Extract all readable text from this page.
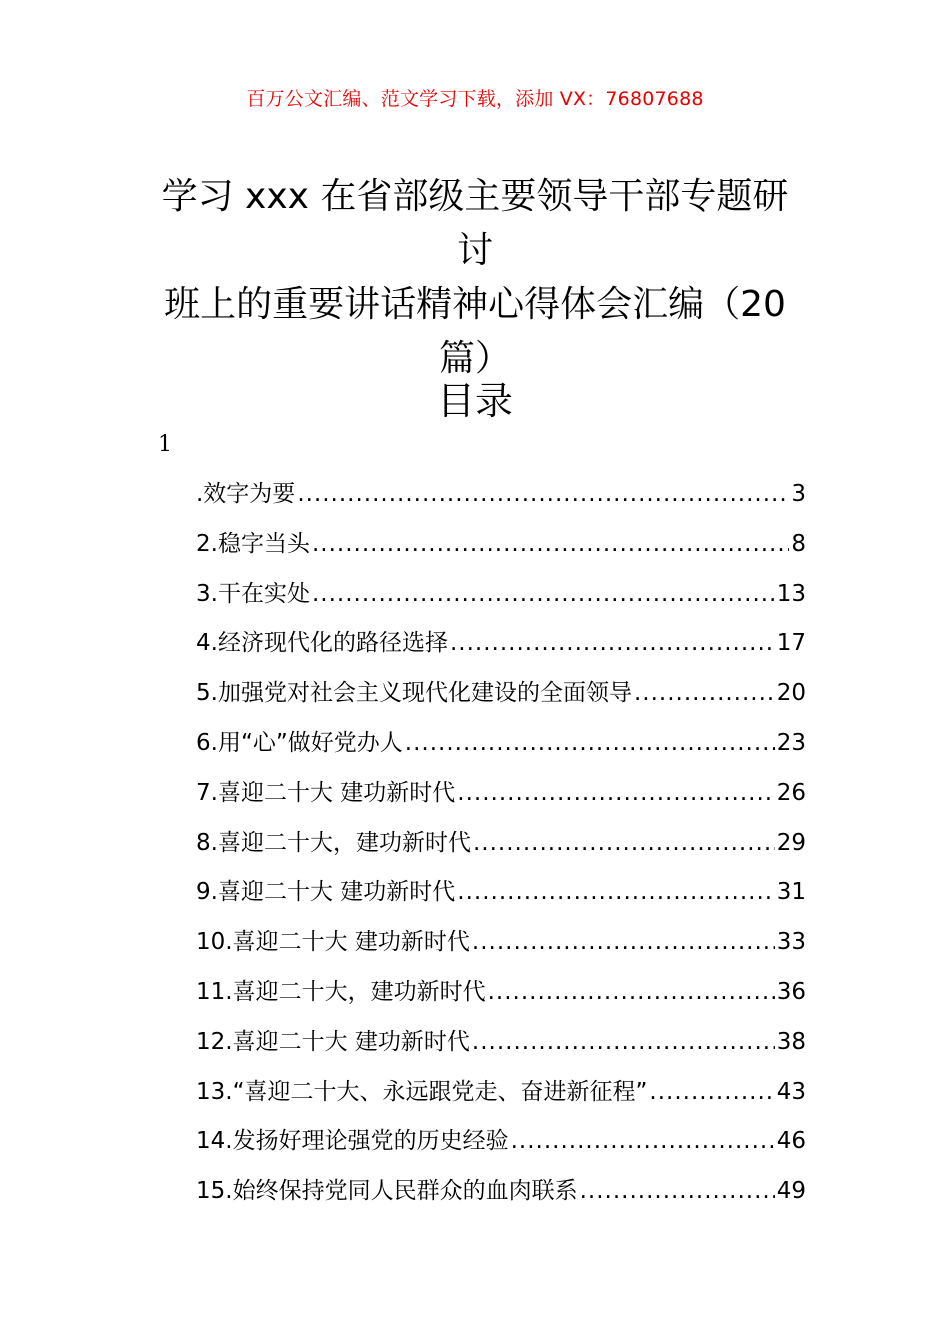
百万公文汇编、范文学习下载，添加 VX：76807688
学习 xxx 在省部级主要领导干部专题研讨
班上的重要讲话精神心得体会汇编（20
篇）
目录
1
.效字为要 .....	3
2.稳字当头 .....	8
3.干在实处 .....	13
4.经济现代化的路径选择 .....	17
5.加强党对社会主义现代化建设的全面领导 .....	20
6.用“心”做好党办人 .....	23
7.喜迎二十大 建功新时代 .....	26
8.喜迎二十大，建功新时代 .....	29
9.喜迎二十大 建功新时代 .....	31
10.喜迎二十大 建功新时代 .....	33
11.喜迎二十大，建功新时代 .....	36
12.喜迎二十大 建功新时代 .....	38
13.“喜迎二十大、永远跟党走、奋进新征程” .....	43
14.发扬好理论强党的历史经验 .....	46
15.始终保持党同人民群众的血肉联系 .....	49
